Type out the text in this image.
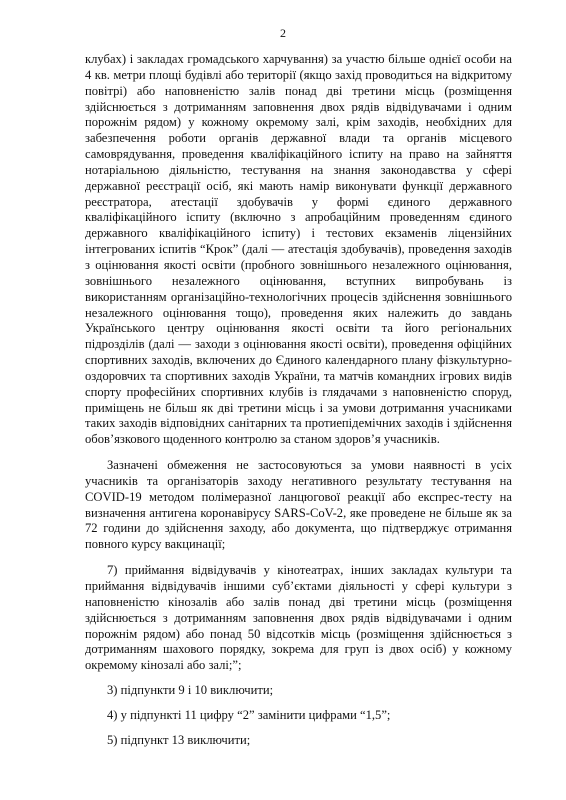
2

клубах) і закладах громадського харчування) за участю більше однієї особи на 4 кв. метри площі будівлі або території (якщо захід проводиться на відкритому повітрі) або наповненістю залів понад дві третини місць (розміщення здійснюється з дотриманням заповнення двох рядів відвідувачами і одним порожнім рядом) у кожному окремому залі, крім заходів, необхідних для забезпечення роботи органів державної влади та органів місцевого самоврядування, проведення кваліфікаційного іспиту на право на зайняття нотаріальною діяльністю, тестування на знання законодавства у сфері державної реєстрації осіб, які мають намір виконувати функції державного реєстратора, атестації здобувачів у формі єдиного державного кваліфікаційного іспиту (включно з апробаційним проведенням єдиного державного кваліфікаційного іспиту) і тестових екзаменів ліцензійних інтегрованих іспитів “Крок” (далі — атестація здобувачів), проведення заходів з оцінювання якості освіти (пробного зовнішнього незалежного оцінювання, зовнішнього незалежного оцінювання, вступних випробувань із використанням організаційно-технологічних процесів здійснення зовнішнього незалежного оцінювання тощо), проведення яких належить до завдань Українського центру оцінювання якості освіти та його регіональних підрозділів (далі — заходи з оцінювання якості освіти), проведення офіційних спортивних заходів, включених до Єдиного календарного плану фізкультурно-оздоровчих та спортивних заходів України, та матчів командних ігрових видів спорту професійних спортивних клубів із глядачами з наповненістю споруд, приміщень не більш як дві третини місць і за умови дотримання учасниками таких заходів відповідних санітарних та протиепідемічних заходів і здійснення обов’язкового щоденного контролю за станом здоров’я учасників.

Зазначені обмеження не застосовуються за умови наявності в усіх учасників та організаторів заходу негативного результату тестування на COVID-19 методом полімеразної ланцюгової реакції або експрес-тесту на визначення антигена коронавірусу SARS-CoV-2, яке проведене не більше як за 72 години до здійснення заходу, або документа, що підтверджує отримання повного курсу вакцинації;

7) приймання відвідувачів у кінотеатрах, інших закладах культури та приймання відвідувачів іншими суб’єктами діяльності у сфері культури з наповненістю кінозалів або залів понад дві третини місць (розміщення здійснюється з дотриманням заповнення двох рядів відвідувачами і одним порожнім рядом) або понад 50 відсотків місць (розміщення здійснюється з дотриманням шахового порядку, зокрема для груп із двох осіб) у кожному окремому кінозалі або залі;”;

3) підпункти 9 і 10 виключити;

4) у підпункті 11 цифру “2” замінити цифрами “1,5”;

5) підпункт 13 виключити;
